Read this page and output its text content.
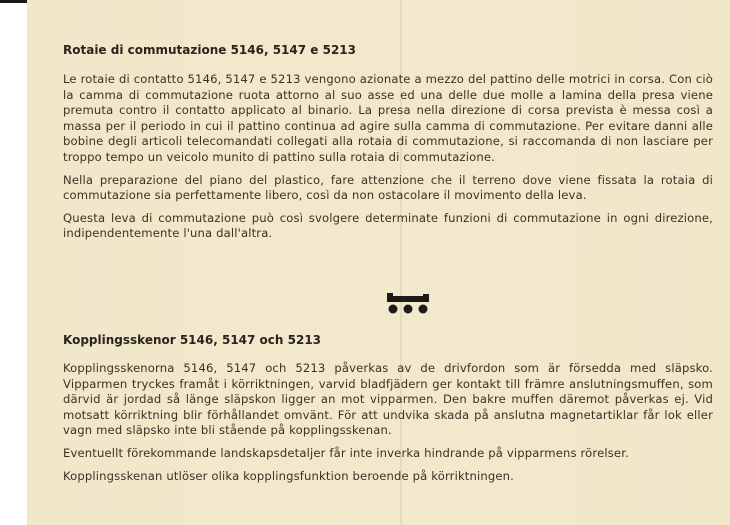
Rotaie di commutazione 5146, 5147 e 5213

Le rotaie di contatto 5146, 5147 e 5213 vengono azionate a mezzo del pattino delle motrici in corsa. Con ciò la camma di commutazione ruota attorno al suo asse ed una delle due molle a lamina della presa viene premuta contro il contatto applicato al binario. La presa nella direzione di corsa prevista è messa così a massa per il periodo in cui il pattino continua ad agire sulla camma di commutazione. Per evitare danni alle bobine degli articoli telecomandati collegati alla rotaia di commutazione, si raccomanda di non lasciare per troppo tempo un veicolo munito di pattino sulla rotaia di commutazione.

Nella preparazione del piano del plastico, fare attenzione che il terreno dove viene fissata la rotaia di commutazione sia perfettamente libero, così da non ostacolare il movimento della leva.

Questa leva di commutazione può così svolgere determinate funzioni di commutazione in ogni direzione, indipendentemente l'una dall'altra.

Kopplingsskenor 5146, 5147 och 5213

Kopplingsskenorna 5146, 5147 och 5213 påverkas av de drivfordon som är försedda med släpsko. Vipparmen tryckes framåt i körriktningen, varvid bladfjädern ger kontakt till främre anslutningsmuffen, som därvid är jordad så länge släpskon ligger an mot vipparmen. Den bakre muffen däremot påverkas ej. Vid motsatt körriktning blir förhållandet omvänt. För att undvika skada på anslutna magnetartiklar får lok eller vagn med släpsko inte bli stående på kopplingsskenan.

Eventuellt förekommande landskapsdetaljer får inte inverka hindrande på vipparmens rörelser.

Kopplingsskenan utlöser olika kopplingsfunktion beroende på körriktningen.
